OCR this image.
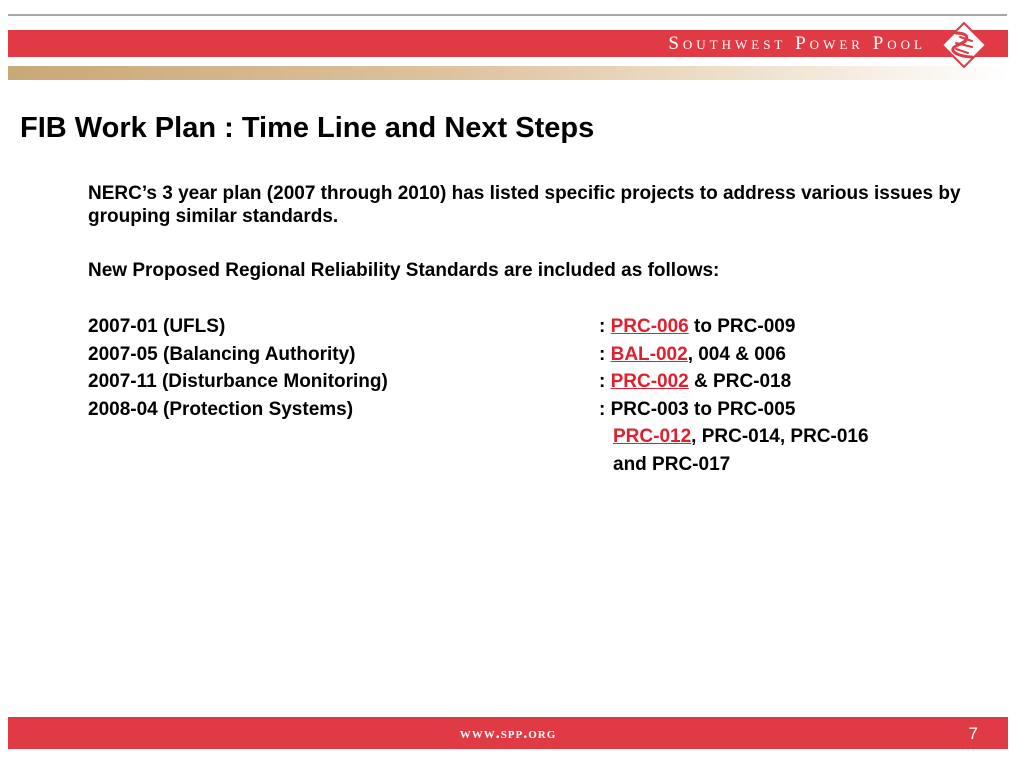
Southwest Power Pool
FIB Work Plan : Time Line and Next Steps

NERC’s 3 year plan (2007 through 2010) has listed specific projects to address various issues by grouping similar standards.

New Proposed Regional Reliability Standards are included as follows:

2007-01 (UFLS)	: PRC-006 to PRC-009
2007-05 (Balancing Authority)	: BAL-002, 004 & 006
2007-11 (Disturbance Monitoring)	: PRC-002 & PRC-018
2008-04 (Protection Systems)	: PRC-003 to PRC-005
PRC-012, PRC-014, PRC-016
and PRC-017
www.spp.org	7
